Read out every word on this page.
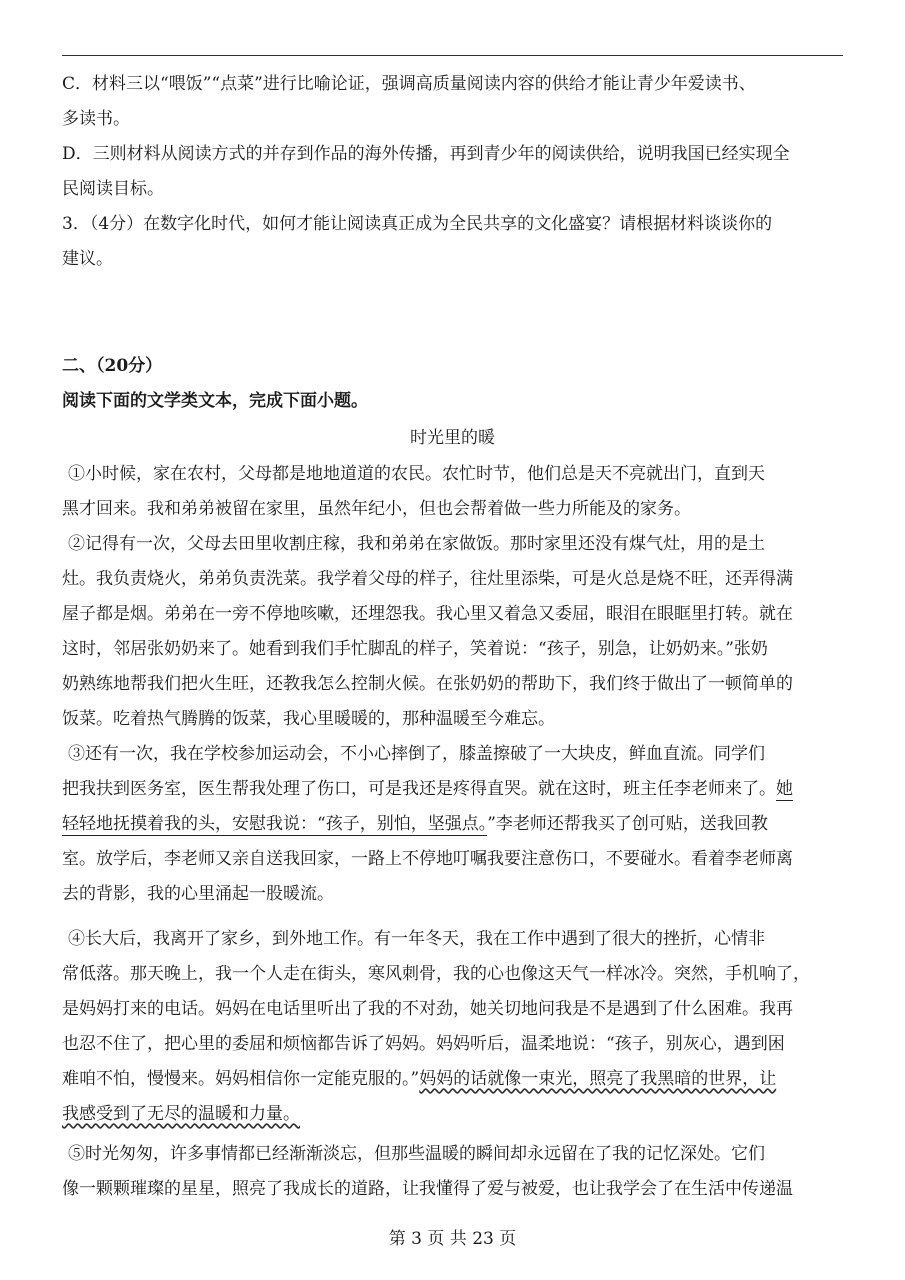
C．材料三以“喂饭”“点菜”进行比喻论证，强调高质量阅读内容的供给才能让青少年爱读书、
多读书。
D．三则材料从阅读方式的并存到作品的海外传播，再到青少年的阅读供给，说明我国已经实现全
民阅读目标。
3．（4分）在数字化时代，如何才能让阅读真正成为全民共享的文化盛宴？请根据材料谈谈你的
建议。
二、（20分）
阅读下面的文学类文本，完成下面小题。
时光里的暖
①小时候，家在农村，父母都是地地道道的农民。农忙时节，他们总是天不亮就出门，直到天
黑才回来。我和弟弟被留在家里，虽然年纪小，但也会帮着做一些力所能及的家务。
②记得有一次，父母去田里收割庄稼，我和弟弟在家做饭。那时家里还没有煤气灶，用的是土
灶。我负责烧火，弟弟负责洗菜。我学着父母的样子，往灶里添柴，可是火总是烧不旺，还弄得满
屋子都是烟。弟弟在一旁不停地咳嗽，还埋怨我。我心里又着急又委屈，眼泪在眼眶里打转。就在
这时，邻居张奶奶来了。她看到我们手忙脚乱的样子，笑着说：“孩子，别急，让奶奶来。”张奶
奶熟练地帮我们把火生旺，还教我怎么控制火候。在张奶奶的帮助下，我们终于做出了一顿简单的
饭菜。吃着热气腾腾的饭菜，我心里暖暖的，那种温暖至今难忘。
③还有一次，我在学校参加运动会，不小心摔倒了，膝盖擦破了一大块皮，鲜血直流。同学们
把我扶到医务室，医生帮我处理了伤口，可是我还是疼得直哭。就在这时，班主任李老师来了。她
轻轻地抚摸着我的头，安慰我说：“孩子，别怕，坚强点。”李老师还帮我买了创可贴，送我回教
室。放学后，李老师又亲自送我回家，一路上不停地叮嘱我要注意伤口，不要碰水。看着李老师离
去的背影，我的心里涌起一股暖流。
④长大后，我离开了家乡，到外地工作。有一年冬天，我在工作中遇到了很大的挫折，心情非
常低落。那天晚上，我一个人走在街头，寒风刺骨，我的心也像这天气一样冰冷。突然，手机响了，
是妈妈打来的电话。妈妈在电话里听出了我的不对劲，她关切地问我是不是遇到了什么困难。我再
也忍不住了，把心里的委屈和烦恼都告诉了妈妈。妈妈听后，温柔地说：“孩子，别灰心，遇到困
难咱不怕，慢慢来。妈妈相信你一定能克服的。”妈妈的话就像一束光，照亮了我黑暗的世界，让
我感受到了无尽的温暖和力量。
⑤时光匆匆，许多事情都已经渐渐淡忘，但那些温暖的瞬间却永远留在了我的记忆深处。它们
像一颗颗璀璨的星星，照亮了我成长的道路，让我懂得了爱与被爱，也让我学会了在生活中传递温
第 3 页 共 23 页
